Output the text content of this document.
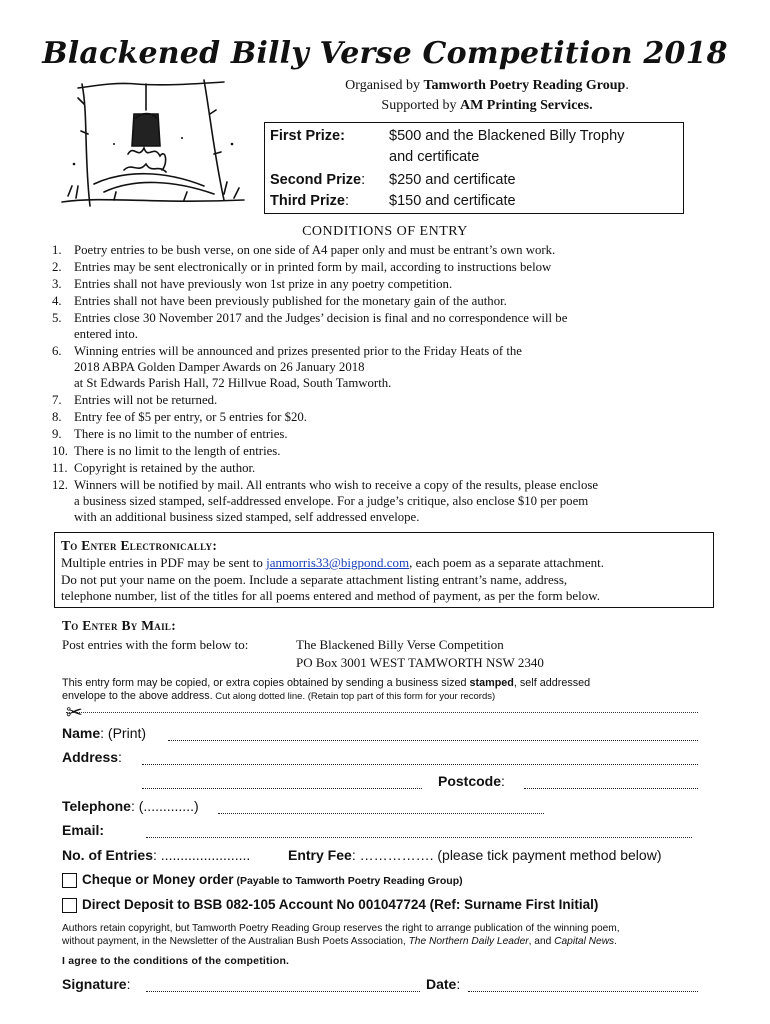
Blackened Billy Verse Competition 2018
Organised by Tamworth Poetry Reading Group.
Supported by AM Printing Services.
First Prize:	$500 and the Blackened Billy Trophy
and certificate
Second Prize: $250 and certificate
Third Prize:	$150 and certificate
CONDITIONS OF ENTRY
1. Poetry entries to be bush verse, on one side of A4 paper only and must be entrant’s own work.
2. Entries may be sent electronically or in printed form by mail, according to instructions below
3. Entries shall not have previously won 1st prize in any poetry competition.
4. Entries shall not have been previously published for the monetary gain of the author.
5. Entries close 30 November 2017 and the Judges’ decision is final and no correspondence will be
entered into.
6. Winning entries will be announced and prizes presented prior to the Friday Heats of the
2018 ABPA Golden Damper Awards on 26 January 2018
at St Edwards Parish Hall, 72 Hillvue Road, South Tamworth.
7. Entries will not be returned.
8. Entry fee of $5 per entry, or 5 entries for $20.
9. There is no limit to the number of entries.
10. There is no limit to the length of entries.
11. Copyright is retained by the author.
12. Winners will be notified by mail. All entrants who wish to receive a copy of the results, please enclose
a business sized stamped, self-addressed envelope. For a judge’s critique, also enclose $10 per poem
with an additional business sized stamped, self addressed envelope.
To Enter Electronically:
Multiple entries in PDF may be sent to janmorris33@bigpond.com, each poem as a separate attachment.
Do not put your name on the poem. Include a separate attachment listing entrant’s name, address,
telephone number, list of the titles for all poems entered and method of payment, as per the form below.
To Enter By Mail:
Post entries with the form below to:	The Blackened Billy Verse Competition
PO Box 3001 WEST TAMWORTH NSW 2340
This entry form may be copied, or extra copies obtained by sending a business sized stamped, self addressed
envelope to the above address. Cut along dotted line. (Retain top part of this form for your records)
✂
Name: (Print)
Address:
Postcode:
Telephone: (.............)
Email:
No. of Entries: .......................	Entry Fee: ……………. (please tick payment method below)
Cheque or Money order (Payable to Tamworth Poetry Reading Group)
Direct Deposit to BSB 082-105 Account No 001047724 (Ref: Surname First Initial)
Authors retain copyright, but Tamworth Poetry Reading Group reserves the right to arrange publication of the winning poem,
without payment, in the Newsletter of the Australian Bush Poets Association, The Northern Daily Leader, and Capital News.
I agree to the conditions of the competition.
Signature:	Date:
